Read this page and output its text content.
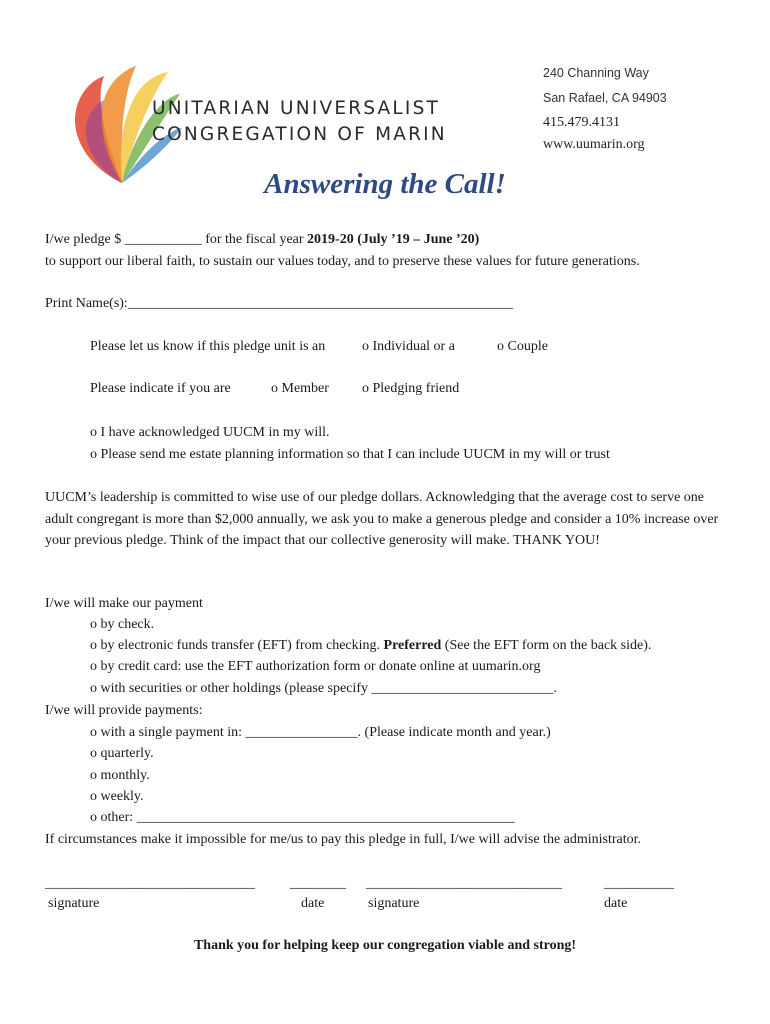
UNITARIAN UNIVERSALIST
CONGREGATION OF MARIN
240 Channing Way
San Rafael, CA 94903
415.479.4131
www.uumarin.org
Answering the Call!
I/we pledge $ ___________ for the fiscal year 2019-20 (July ’19 – June ’20)
to support our liberal faith, to sustain our values today, and to preserve these values for future generations.
Print Name(s):_______________________________________________________
Please let us know if this pledge unit is an	o Individual or a	o Couple
Please indicate if you are	o Member o Pledging friend
o I have acknowledged UUCM in my will.
o Please send me estate planning information so that I can include UUCM in my will or trust
UUCM’s leadership is committed to wise use of our pledge dollars. Acknowledging that the average cost to serve one adult congregant is more than $2,000 annually, we ask you to make a generous pledge and consider a 10% increase over your previous pledge. Think of the impact that our collective generosity will make. THANK YOU!
I/we will make our payment
o by check.
o by electronic funds transfer (EFT) from checking. Preferred (See the EFT form on the back side).
o by credit card: use the EFT authorization form or donate online at uumarin.org
o with securities or other holdings (please specify __________________________.
I/we will provide payments:
o with a single payment in: ________________. (Please indicate month and year.)
o quarterly.
o monthly.
o weekly.
o other: ______________________________________________________
If circumstances make it impossible for me/us to pay this pledge in full, I/we will advise the administrator.
______________________________	________ ____________________________	__________
signature	date	signature	date
Thank you for helping keep our congregation viable and strong!
